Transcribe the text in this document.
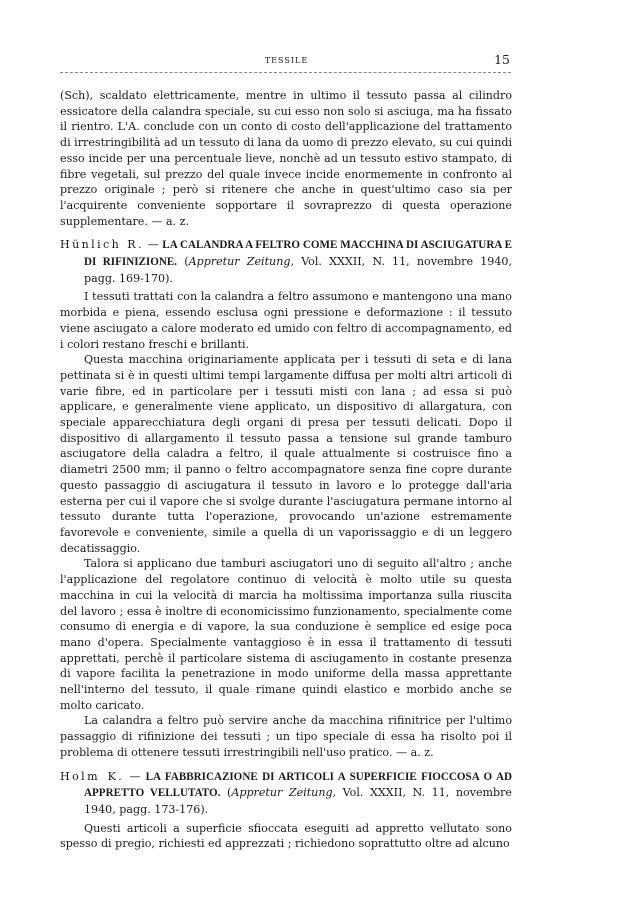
TESSILE	15

(Sch), scaldato elettricamente, mentre in ultimo il tessuto passa al cilindro essicatore della calandra speciale, su cui esso non solo si asciuga, ma ha fissato il rientro. L'A. conclude con un conto di costo dell'applicazione del trattamento di irrestringibilità ad un tessuto di lana da uomo di prezzo elevato, su cui quindi esso incide per una percentuale lieve, nonchè ad un tessuto estivo stampato, di fibre vegetali, sul prezzo del quale invece incide enormemente in confronto al prezzo originale ; però si ritenere che anche in quest'ultimo caso sia per l'acquirente conveniente sopportare il sovraprezzo di questa operazione supplementare. — a. z.

Hünlich R. — LA CALANDRA A FELTRO COME MACCHINA DI ASCIUGATURA E DI RIFINIZIONE. (Appretur Zeitung, Vol. XXXII, N. 11, novembre 1940, pagg. 169-170).

I tessuti trattati con la calandra a feltro assumono e mantengono una mano morbida e piena, essendo esclusa ogni pressione e deformazione : il tessuto viene asciugato a calore moderato ed umido con feltro di accompagnamento, ed i colori restano freschi e brillanti.

Questa macchina originariamente applicata per i tessuti di seta e di lana pettinata si è in questi ultimi tempi largamente diffusa per molti altri articoli di varie fibre, ed in particolare per i tessuti misti con lana ; ad essa si può applicare, e generalmente viene applicato, un dispositivo di allargatura, con speciale apparecchiatura degli organi di presa per tessuti delicati. Dopo il dispositivo di allargamento il tessuto passa a tensione sul grande tamburo asciugatore della caladra a feltro, il quale attualmente si costruisce fino a diametri 2500 mm; il panno o feltro accompagnatore senza fine copre durante questo passaggio di asciugatura il tessuto in lavoro e lo protegge dall'aria esterna per cui il vapore che si svolge durante l'asciugatura permane intorno al tessuto durante tutta l'operazione, provocando un'azione estremamente favorevole e conveniente, simile a quella di un vaporissaggio e di un leggero decatissaggio.

Talora si applicano due tamburi asciugatori uno di seguito all'altro ; anche l'applicazione del regolatore continuo di velocità è molto utile su questa macchina in cui la velocità di marcia ha moltissima importanza sulla riuscita del lavoro ; essa è inoltre di economicissimo funzionamento, specialmente come consumo di energia e di vapore, la sua conduzione è semplice ed esige poca mano d'opera. Specialmente vantaggioso è in essa il trattamento di tessuti apprettati, perchè il particolare sistema di asciugamento in costante presenza di vapore facilita la penetrazione in modo uniforme della massa apprettante nell'interno del tessuto, il quale rimane quindi elastico e morbido anche se molto caricato.

La calandra a feltro può servire anche da macchina rifinitrice per l'ultimo passaggio di rifinizione dei tessuti ; un tipo speciale di essa ha risolto poi il problema di ottenere tessuti irrestringibili nell'uso pratico. — a. z.

Holm K. — LA FABBRICAZIONE DI ARTICOLI A SUPERFICIE FIOCCOSA O AD APPRETTO VELLUTATO. (Appretur Zeitung, Vol. XXXII, N. 11, novembre 1940, pagg. 173-176).

Questi articoli a superficie sfioccata eseguiti ad appretto vellutato sono spesso di pregio, richiesti ed apprezzati ; richiedono soprattutto oltre ad alcuno
